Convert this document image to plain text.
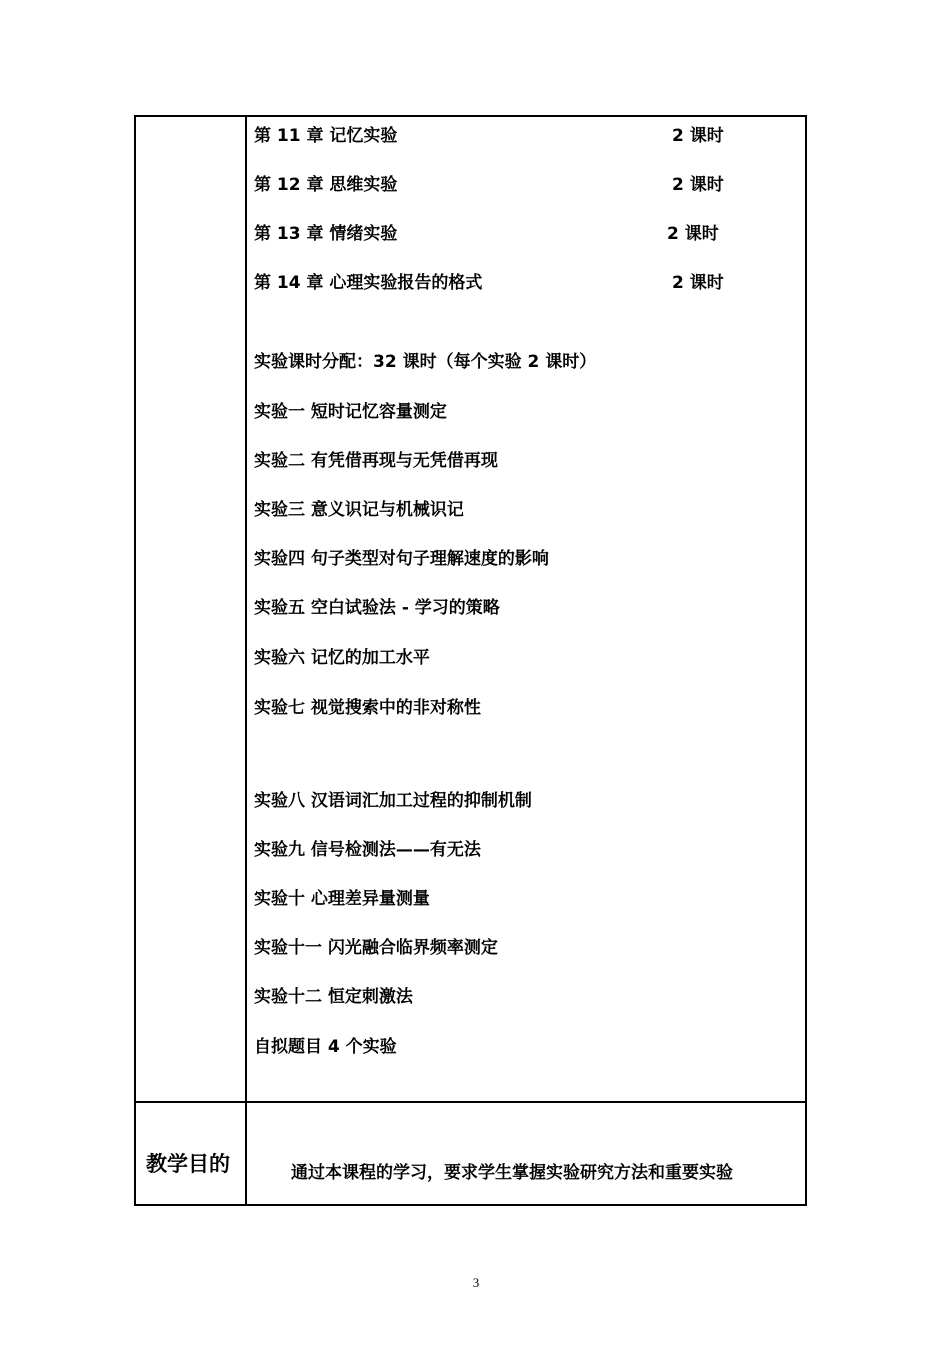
第 11 章 记忆实验	2 课时
第 12 章 思维实验	2 课时
第 13 章 情绪实验	2 课时
第 14 章 心理实验报告的格式	2 课时
实验课时分配：32 课时（每个实验 2 课时）
实验一 短时记忆容量测定
实验二 有凭借再现与无凭借再现
实验三 意义识记与机械识记
实验四 句子类型对句子理解速度的影响
实验五 空白试验法 - 学习的策略
实验六 记忆的加工水平
实验七 视觉搜索中的非对称性
实验八 汉语词汇加工过程的抑制机制
实验九 信号检测法——有无法
实验十 心理差异量测量
实验十一 闪光融合临界频率测定
实验十二 恒定刺激法
自拟题目 4 个实验
教学目的	通过本课程的学习，要求学生掌握实验研究方法和重要实验
3
